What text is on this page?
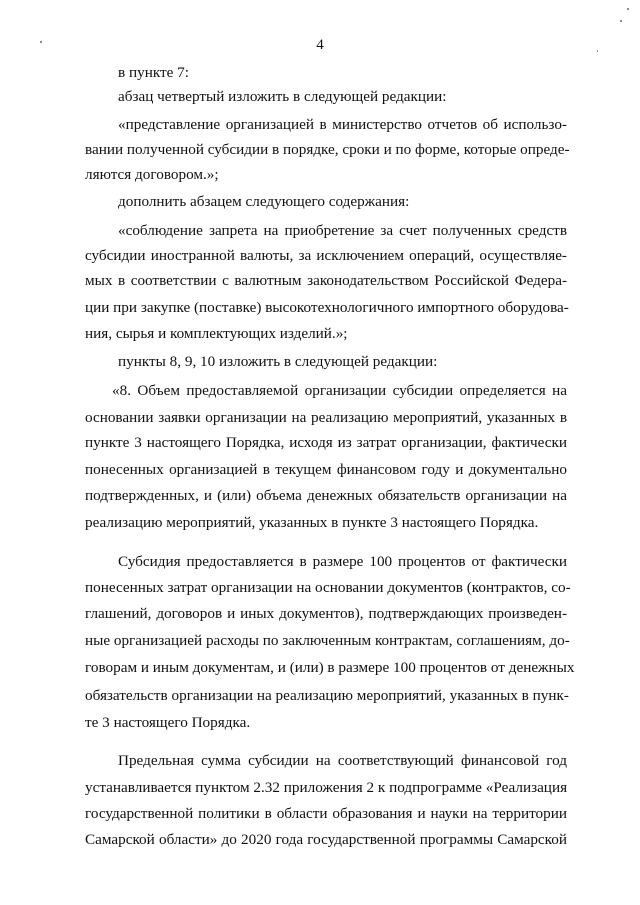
4
в пункте 7:
абзац четвертый изложить в следующей редакции:
«представление организацией в министерство отчетов об использо-
вании полученной субсидии в порядке, сроки и по форме, которые опреде-
ляются договором.»;
дополнить абзацем следующего содержания:
«соблюдение запрета на приобретение за счет полученных средств
субсидии иностранной валюты, за исключением операций, осуществляе-
мых в соответствии с валютным законодательством Российской Федера-
ции при закупке (поставке) высокотехнологичного импортного оборудова-
ния, сырья и комплектующих изделий.»;
пункты 8, 9, 10 изложить в следующей редакции:
«8. Объем предоставляемой организации субсидии определяется на
основании заявки организации на реализацию мероприятий, указанных в
пункте 3 настоящего Порядка, исходя из затрат организации, фактически
понесенных организацией в текущем финансовом году и документально
подтвержденных, и (или) объема денежных обязательств организации на
реализацию мероприятий, указанных в пункте 3 настоящего Порядка.
Субсидия предоставляется в размере 100 процентов от фактически
понесенных затрат организации на основании документов (контрактов, со-
глашений, договоров и иных документов), подтверждающих произведен-
ные организацией расходы по заключенным контрактам, соглашениям, до-
говорам и иным документам, и (или) в размере 100 процентов от денежных
обязательств организации на реализацию мероприятий, указанных в пунк-
те 3 настоящего Порядка.
Предельная сумма субсидии на соответствующий финансовой год
устанавливается пунктом 2.32 приложения 2 к подпрограмме «Реализация
государственной политики в области образования и науки на территории
Самарской области» до 2020 года государственной программы Самарской
